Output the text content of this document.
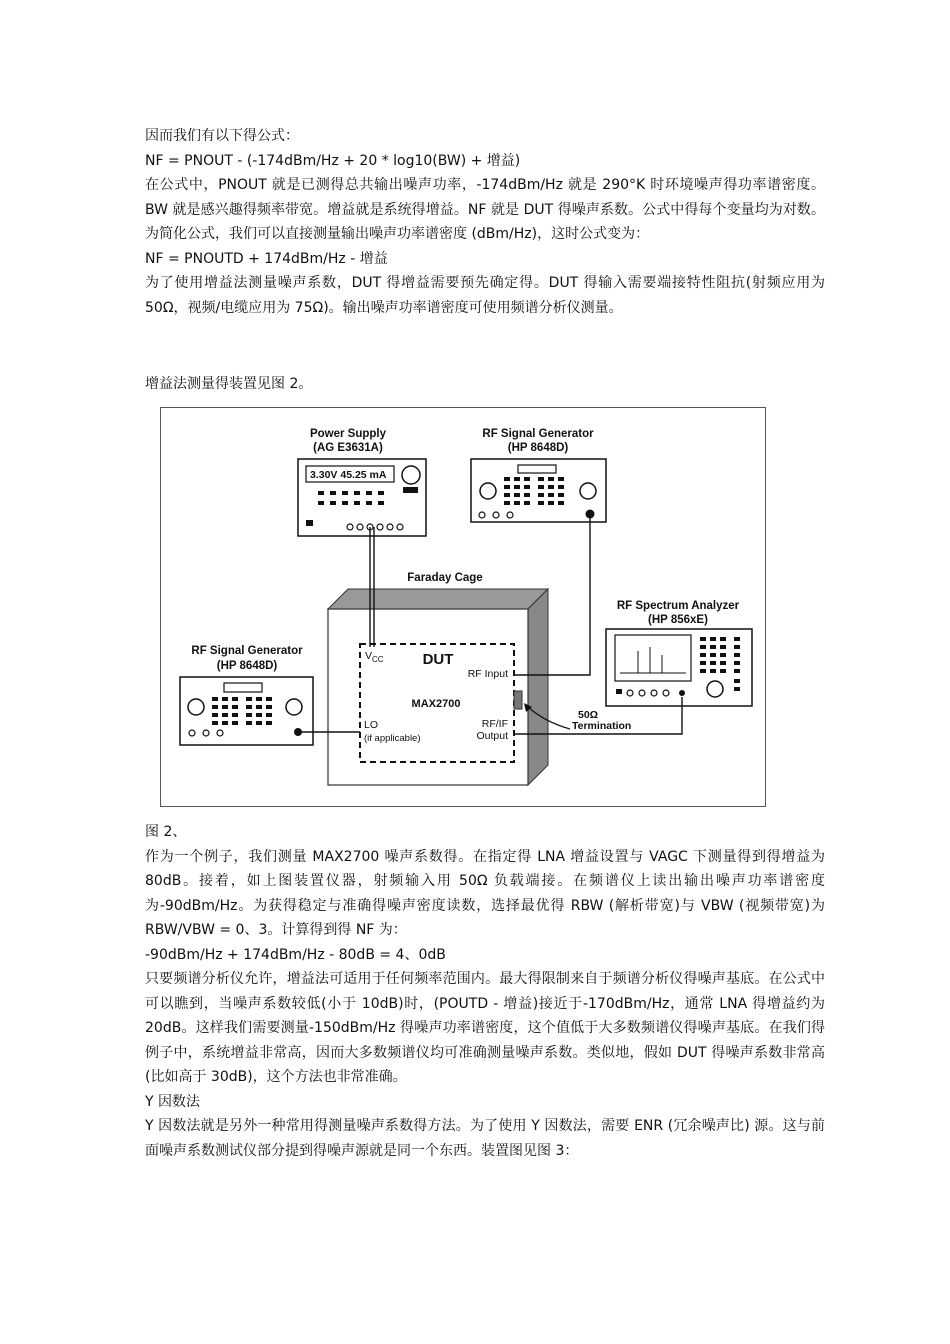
因而我们有以下得公式：

NF = PNOUT - (-174dBm/Hz + 20 * log10(BW) + 增益)

在公式中，PNOUT 就是已测得总共输出噪声功率，-174dBm/Hz 就是 290°K 时环境噪声得功率谱密度。BW 就是感兴趣得频率带宽。增益就是系统得增益。NF 就是 DUT 得噪声系数。公式中得每个变量均为对数。为简化公式，我们可以直接测量输出噪声功率谱密度 (dBm/Hz)，这时公式变为：

NF = PNOUTD + 174dBm/Hz - 增益

为了使用增益法测量噪声系数，DUT 得增益需要预先确定得。DUT 得输入需要端接特性阻抗(射频应用为 50Ω，视频/电缆应用为 75Ω)。输出噪声功率谱密度可使用频谱分析仪测量。

增益法测量得装置见图 2。

Power Supply
(AG E3631A)
3.30V 45.25 mA
RF Signal Generator
(HP 8648D)
Faraday Cage
$V_{CC}$	DUT
RF Input
MAX2700
LO
(if applicable)
RF/IF
Output
50Ω
Termination
RF Spectrum Analyzer
(HP 856xE)
RF Signal Generator
(HP 8648D)

图 2、

作为一个例子，我们测量 MAX2700 噪声系数得。在指定得 LNA 增益设置与 VAGC 下测量得到得增益为 80dB。接着，如上图装置仪器，射频输入用 50Ω 负载端接。在频谱仪上读出输出噪声功率谱密度为-90dBm/Hz。为获得稳定与准确得噪声密度读数，选择最优得 RBW (解析带宽)与 VBW (视频带宽)为 RBW/VBW = 0、3。计算得到得 NF 为：

-90dBm/Hz + 174dBm/Hz - 80dB = 4、0dB

只要频谱分析仪允许，增益法可适用于任何频率范围内。最大得限制来自于频谱分析仪得噪声基底。在公式中可以瞧到，当噪声系数较低(小于 10dB)时，(POUTD - 增益)接近于-170dBm/Hz，通常 LNA 得增益约为 20dB。这样我们需要测量-150dBm/Hz 得噪声功率谱密度，这个值低于大多数频谱仪得噪声基底。在我们得例子中，系统增益非常高，因而大多数频谱仪均可准确测量噪声系数。类似地，假如 DUT 得噪声系数非常高(比如高于 30dB)，这个方法也非常准确。

Y 因数法

Y 因数法就是另外一种常用得测量噪声系数得方法。为了使用 Y 因数法，需要 ENR (冗余噪声比) 源。这与前面噪声系数测试仪部分提到得噪声源就是同一个东西。装置图见图 3：
